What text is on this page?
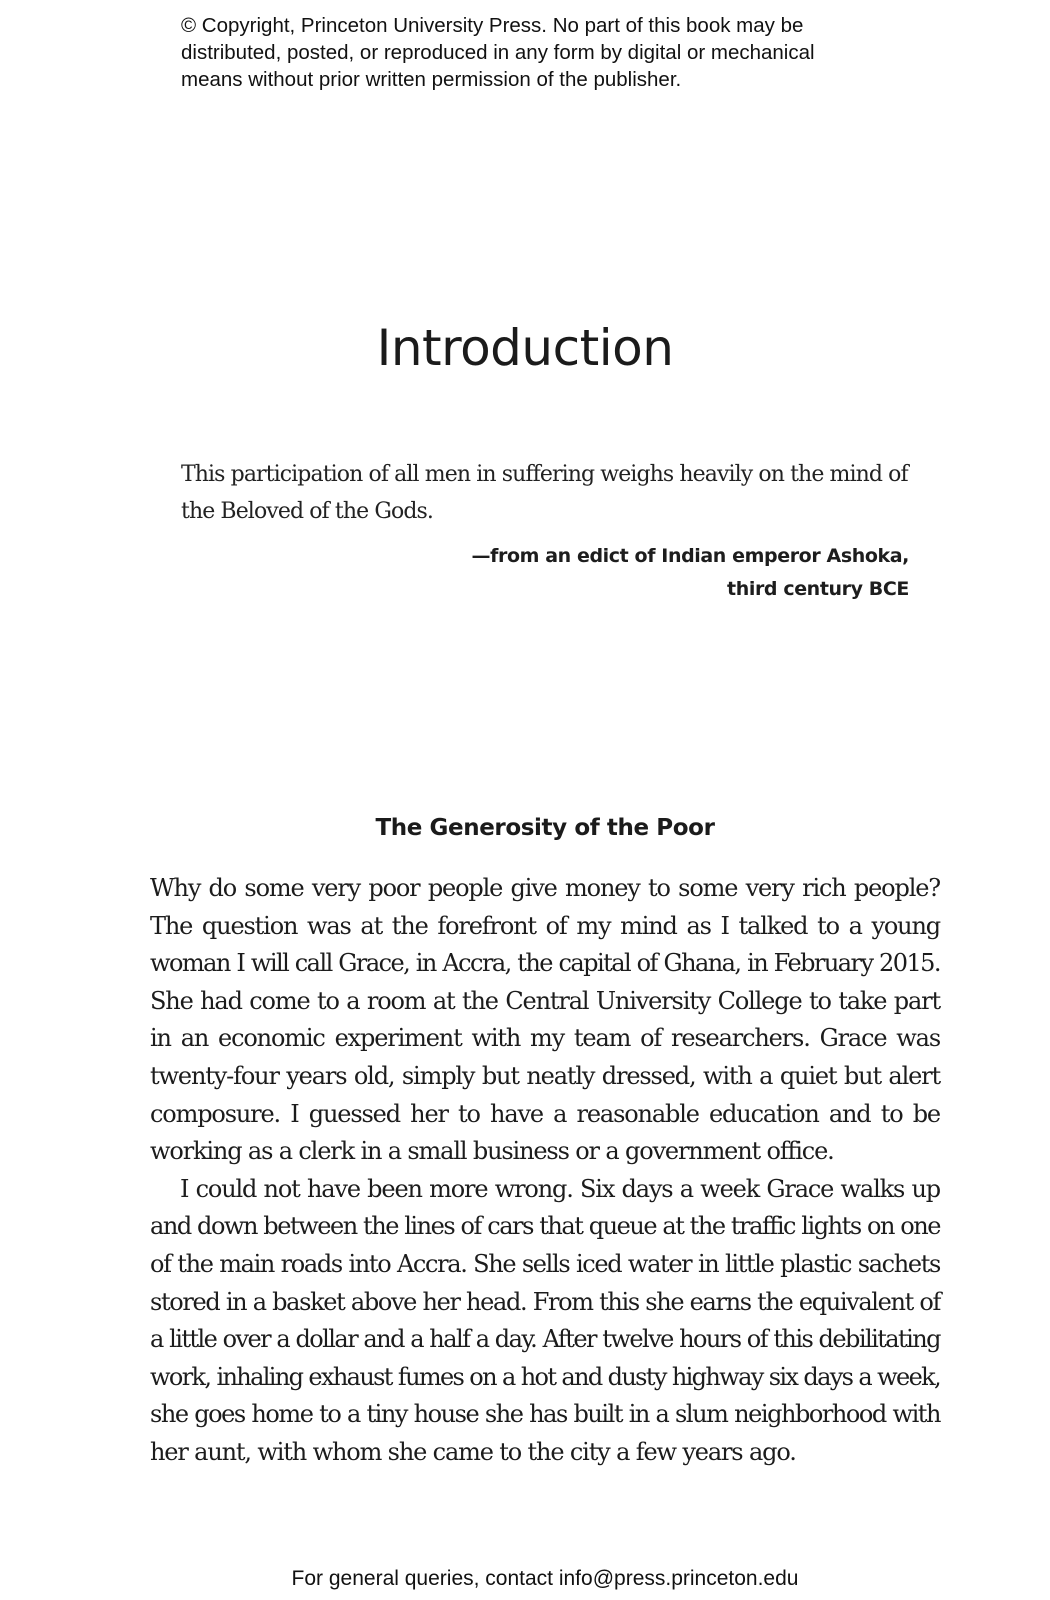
© Copyright, Princeton University Press. No part of this book may be
distributed, posted, or reproduced in any form by digital or mechanical
means without prior written permission of the publisher.
Introduction
This participation of all men in suffering weighs heavily on the mind of
the Beloved of the Gods.
—from an edict of Indian emperor Ashoka,
third century BCE
The Generosity of the Poor
Why do some very poor people give money to some very rich people?
The question was at the forefront of my mind as I talked to a young
woman I will call Grace, in Accra, the capital of Ghana, in February 2015.
She had come to a room at the Central University College to take part
in an economic experiment with my team of researchers. Grace was
twenty-four years old, simply but neatly dressed, with a quiet but alert
composure. I guessed her to have a reasonable education and to be
working as a clerk in a small business or a government office.
I could not have been more wrong. Six days a week Grace walks up
and down between the lines of cars that queue at the traffic lights on one
of the main roads into Accra. She sells iced water in little plastic sachets
stored in a basket above her head. From this she earns the equivalent of
a little over a dollar and a half a day. After twelve hours of this debilitating
work, inhaling exhaust fumes on a hot and dusty highway six days a week,
she goes home to a tiny house she has built in a slum neighborhood with
her aunt, with whom she came to the city a few years ago.
For general queries, contact info@press.princeton.edu
